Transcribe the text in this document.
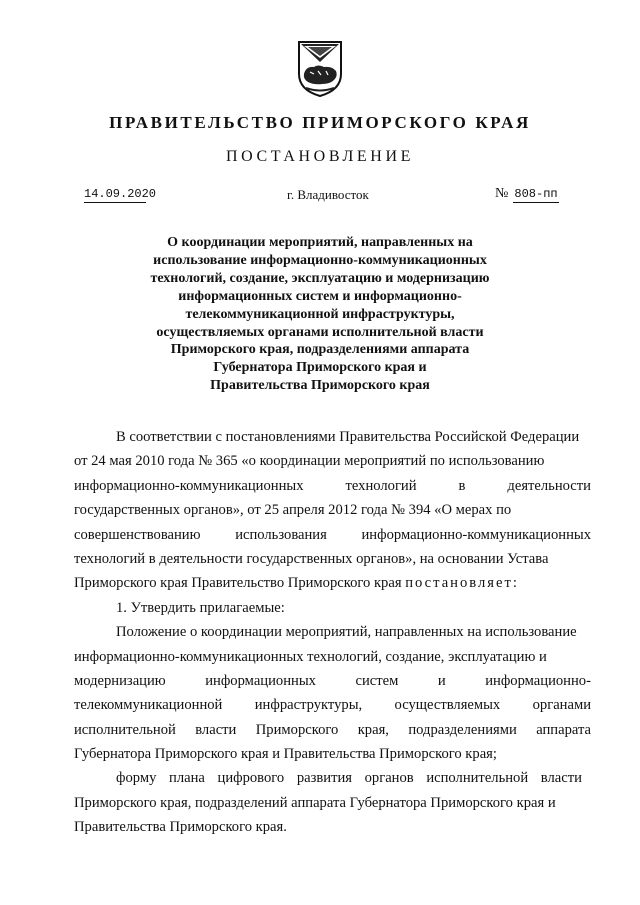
ПРАВИТЕЛЬСТВО ПРИМОРСКОГО КРАЯ
ПОСТАНОВЛЕНИЕ
14.09.2020	г. Владивосток	№ 808-пп
О координации мероприятий, направленных на
использование информационно-коммуникационных
технологий, создание, эксплуатацию и модернизацию
информационных систем и информационно-
телекоммуникационной инфраструктуры,
осуществляемых органами исполнительной власти
Приморского края, подразделениями аппарата
Губернатора Приморского края и
Правительства Приморского края
В соответствии с постановлениями Правительства Российской Федерации
от 24 мая 2010 года № 365 «о координации мероприятий по использованию
информационно-коммуникационных	технологий	в	деятельности
государственных органов», от 25 апреля 2012 года № 394 «О мерах по
совершенствованию использования информационно-коммуникационных
технологий в деятельности государственных органов», на основании Устава
Приморского края Правительство Приморского края постановляет:
1. Утвердить прилагаемые:
Положение о координации мероприятий, направленных на использование
информационно-коммуникационных технологий, создание, эксплуатацию и
модернизацию	информационных	систем	и	информационно-
телекоммуникационной инфраструктуры, осуществляемых органами
исполнительной власти Приморского края, подразделениями аппарата
Губернатора Приморского края и Правительства Приморского края;
форму плана цифрового развития органов исполнительной власти
Приморского края, подразделений аппарата Губернатора Приморского края и
Правительства Приморского края.
